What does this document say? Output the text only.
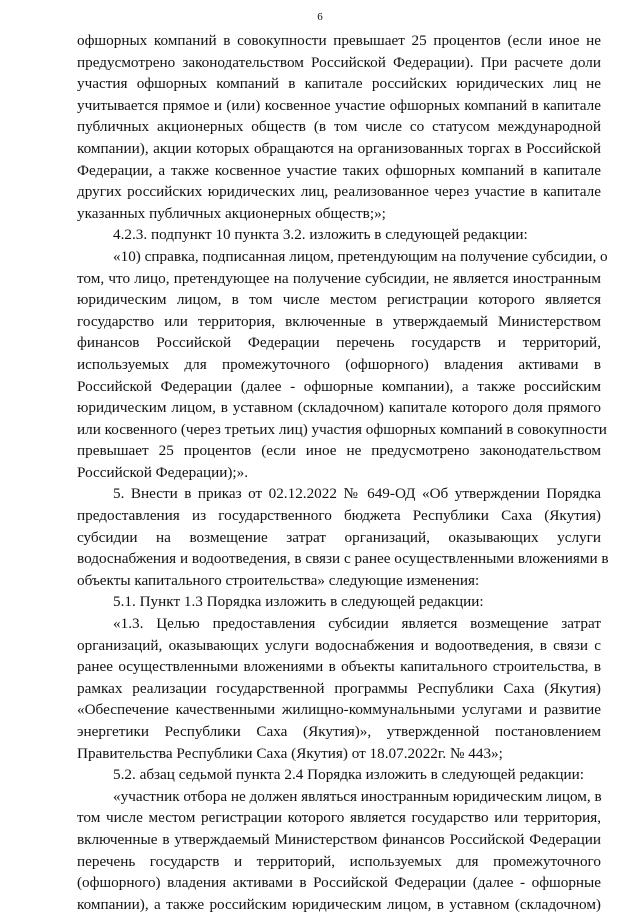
6
офшорных компаний в совокупности превышает 25 процентов (если иное не
предусмотрено законодательством Российской Федерации). При расчете доли
участия офшорных компаний в капитале российских юридических лиц не
учитывается прямое и (или) косвенное участие офшорных компаний в капитале
публичных акционерных обществ (в том числе со статусом международной
компании), акции которых обращаются на организованных торгах в Российской
Федерации, а также косвенное участие таких офшорных компаний в капитале
других российских юридических лиц, реализованное через участие в капитале
указанных публичных акционерных обществ;»;
4.2.3. подпункт 10 пункта 3.2. изложить в следующей редакции:
«10) справка, подписанная лицом, претендующим на получение субсидии, о
том, что лицо, претендующее на получение субсидии, не является иностранным
юридическим лицом, в том числе местом регистрации которого является
государство или территория, включенные в утверждаемый Министерством
финансов Российской Федерации перечень государств и территорий,
используемых для промежуточного (офшорного) владения активами в
Российской Федерации (далее - офшорные компании), а также российским
юридическим лицом, в уставном (складочном) капитале которого доля прямого
или косвенного (через третьих лиц) участия офшорных компаний в совокупности
превышает 25 процентов (если иное не предусмотрено законодательством
Российской Федерации);».
5. Внести в приказ от 02.12.2022 № 649-ОД «Об утверждении Порядка
предоставления из государственного бюджета Республики Саха (Якутия)
субсидии на возмещение затрат организаций, оказывающих услуги
водоснабжения и водоотведения, в связи с ранее осуществленными вложениями в
объекты капитального строительства» следующие изменения:
5.1. Пункт 1.3 Порядка изложить в следующей редакции:
«1.3. Целью предоставления субсидии является возмещение затрат
организаций, оказывающих услуги водоснабжения и водоотведения, в связи с
ранее осуществленными вложениями в объекты капитального строительства, в
рамках реализации государственной программы Республики Саха (Якутия)
«Обеспечение качественными жилищно-коммунальными услугами и развитие
энергетики Республики Саха (Якутия)», утвержденной постановлением
Правительства Республики Саха (Якутия) от 18.07.2022г. № 443»;
5.2. абзац седьмой пункта 2.4 Порядка изложить в следующей редакции:
«участник отбора не должен являться иностранным юридическим лицом, в
том числе местом регистрации которого является государство или территория,
включенные в утверждаемый Министерством финансов Российской Федерации
перечень государств и территорий, используемых для промежуточного
(офшорного) владения активами в Российской Федерации (далее - офшорные
компании), а также российским юридическим лицом, в уставном (складочном)
